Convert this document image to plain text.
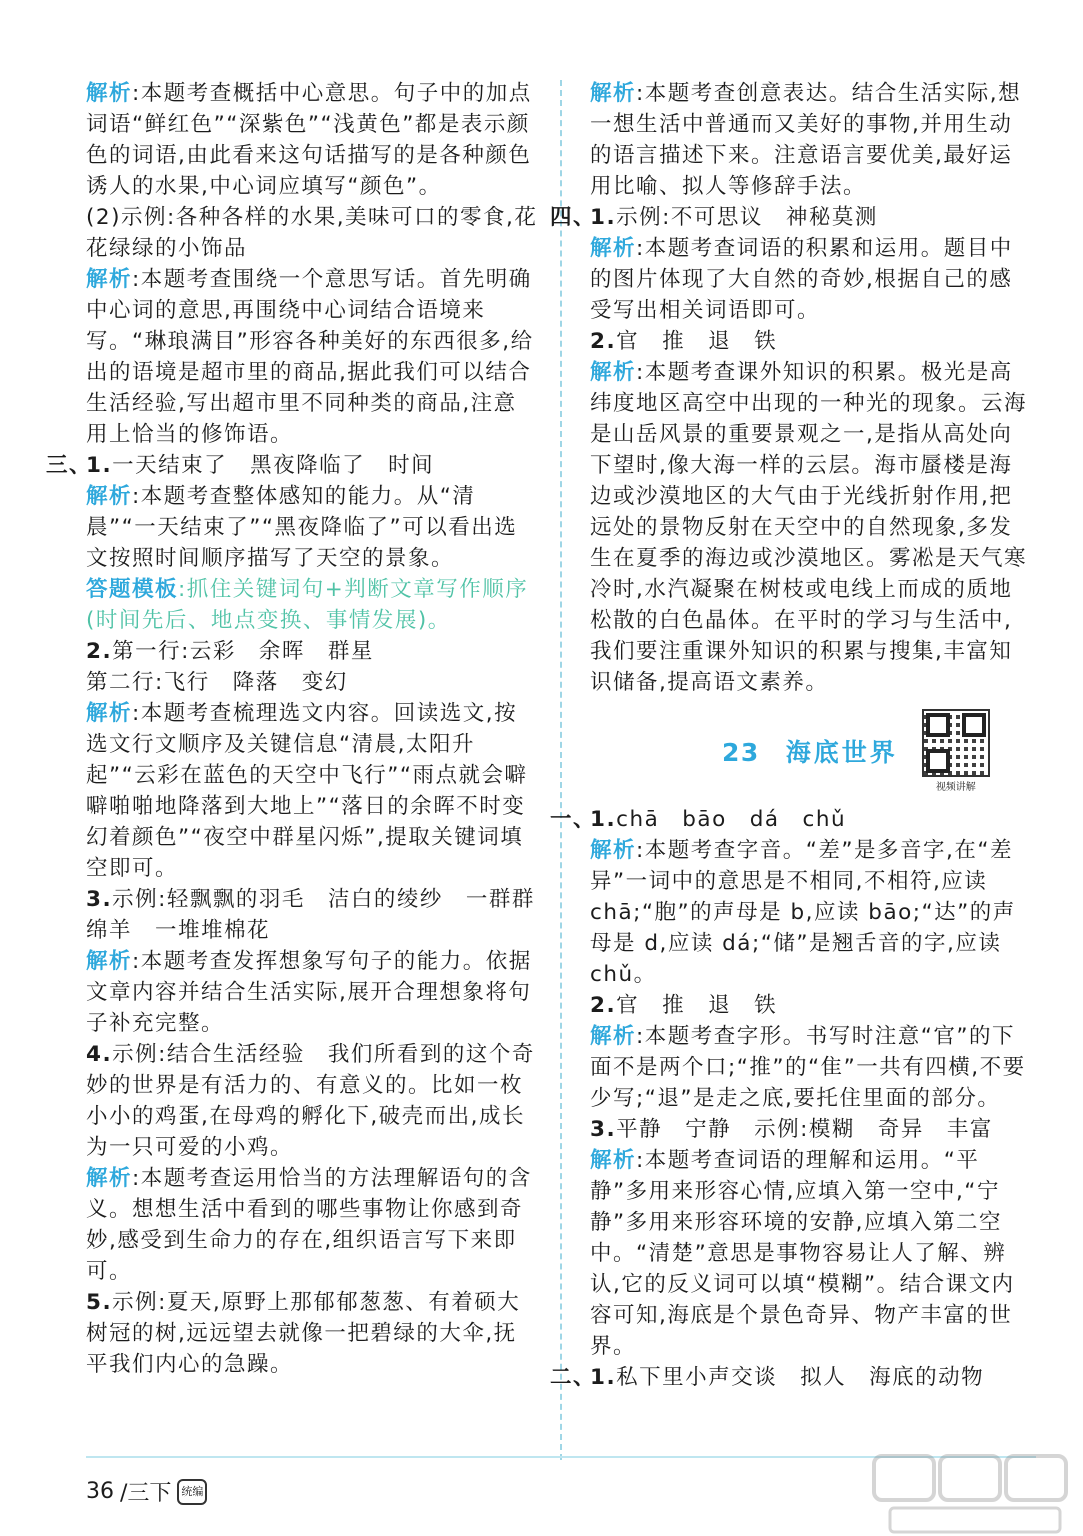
解析:本题考查概括中心意思。句子中的加点词语“鲜红色”“深紫色”“浅黄色”都是表示颜色的词语,由此看来这句话描写的是各种颜色诱人的水果,中心词应填写“颜色”。

(2)示例:各种各样的水果,美味可口的零食,花花绿绿的小饰品

解析:本题考查围绕一个意思写话。首先明确中心词的意思,再围绕中心词结合语境来写。“琳琅满目”形容各种美好的东西很多,给出的语境是超市里的商品,据此我们可以结合生活经验,写出超市里不同种类的商品,注意用上恰当的修饰语。

三、
1.一天结束了　黑夜降临了　时间

解析:本题考查整体感知的能力。从“清晨”“一天结束了”“黑夜降临了”可以看出选文按照时间顺序描写了天空的景象。

答题模板:抓住关键词句+判断文章写作顺序(时间先后、地点变换、事情发展)。

2.第一行:云彩　余晖　群星

第二行:飞行　降落　变幻

解析:本题考查梳理选文内容。回读选文,按选文行文顺序及关键信息“清晨,太阳升起”“云彩在蓝色的天空中飞行”“雨点就会噼噼啪啪地降落到大地上”“落日的余晖不时变幻着颜色”“夜空中群星闪烁”,提取关键词填空即可。

3.示例:轻飘飘的羽毛　洁白的绫纱　一群群绵羊　一堆堆棉花

解析:本题考查发挥想象写句子的能力。依据文章内容并结合生活实际,展开合理想象将句子补充完整。

4.示例:结合生活经验　我们所看到的这个奇妙的世界是有活力的、有意义的。比如一枚小小的鸡蛋,在母鸡的孵化下,破壳而出,成长为一只可爱的小鸡。

解析:本题考查运用恰当的方法理解语句的含义。想想生活中看到的哪些事物让你感到奇妙,感受到生命力的存在,组织语言写下来即可。

5.示例:夏天,原野上那郁郁葱葱、有着硕大树冠的树,远远望去就像一把碧绿的大伞,抚平我们内心的急躁。

解析:本题考查创意表达。结合生活实际,想一想生活中普通而又美好的事物,并用生动的语言描述下来。注意语言要优美,最好运用比喻、拟人等修辞手法。

四、
1.示例:不可思议　神秘莫测

解析:本题考查词语的积累和运用。题目中的图片体现了大自然的奇妙,根据自己的感受写出相关词语即可。

2.官　推　退　铁

解析:本题考查课外知识的积累。极光是高纬度地区高空中出现的一种光的现象。云海是山岳风景的重要景观之一,是指从高处向下望时,像大海一样的云层。海市蜃楼是海边或沙漠地区的大气由于光线折射作用,把远处的景物反射在天空中的自然现象,多发生在夏季的海边或沙漠地区。雾凇是天气寒冷时,水汽凝聚在树枝或电线上而成的质地松散的白色晶体。在平时的学习与生活中,我们要注重课外知识的积累与搜集,丰富知识储备,提高语文素养。

23 海底世界
视频讲解

一、
1.chā　bāo　dá　chǔ

解析:本题考查字音。“差”是多音字,在“差异”一词中的意思是不相同,不相符,应读 chā;“胞”的声母是 b,应读 bāo;“达”的声母是 d,应读 dá;“储”是翘舌音的字,应读 chǔ。

2.官　推　退　铁

解析:本题考查字形。书写时注意“官”的下面不是两个口;“推”的“隹”一共有四横,不要少写;“退”是走之底,要托住里面的部分。

3.平静　宁静　示例:模糊　奇异　丰富

解析:本题考查词语的理解和运用。“平静”多用来形容心情,应填入第一空中,“宁静”多用来形容环境的安静,应填入第二空中。“清楚”意思是事物容易让人了解、辨认,它的反义词可以填“模糊”。结合课文内容可知,海底是个景色奇异、物产丰富的世界。

二、
1.私下里小声交谈　拟人　海底的动物

36 /三下 统编
